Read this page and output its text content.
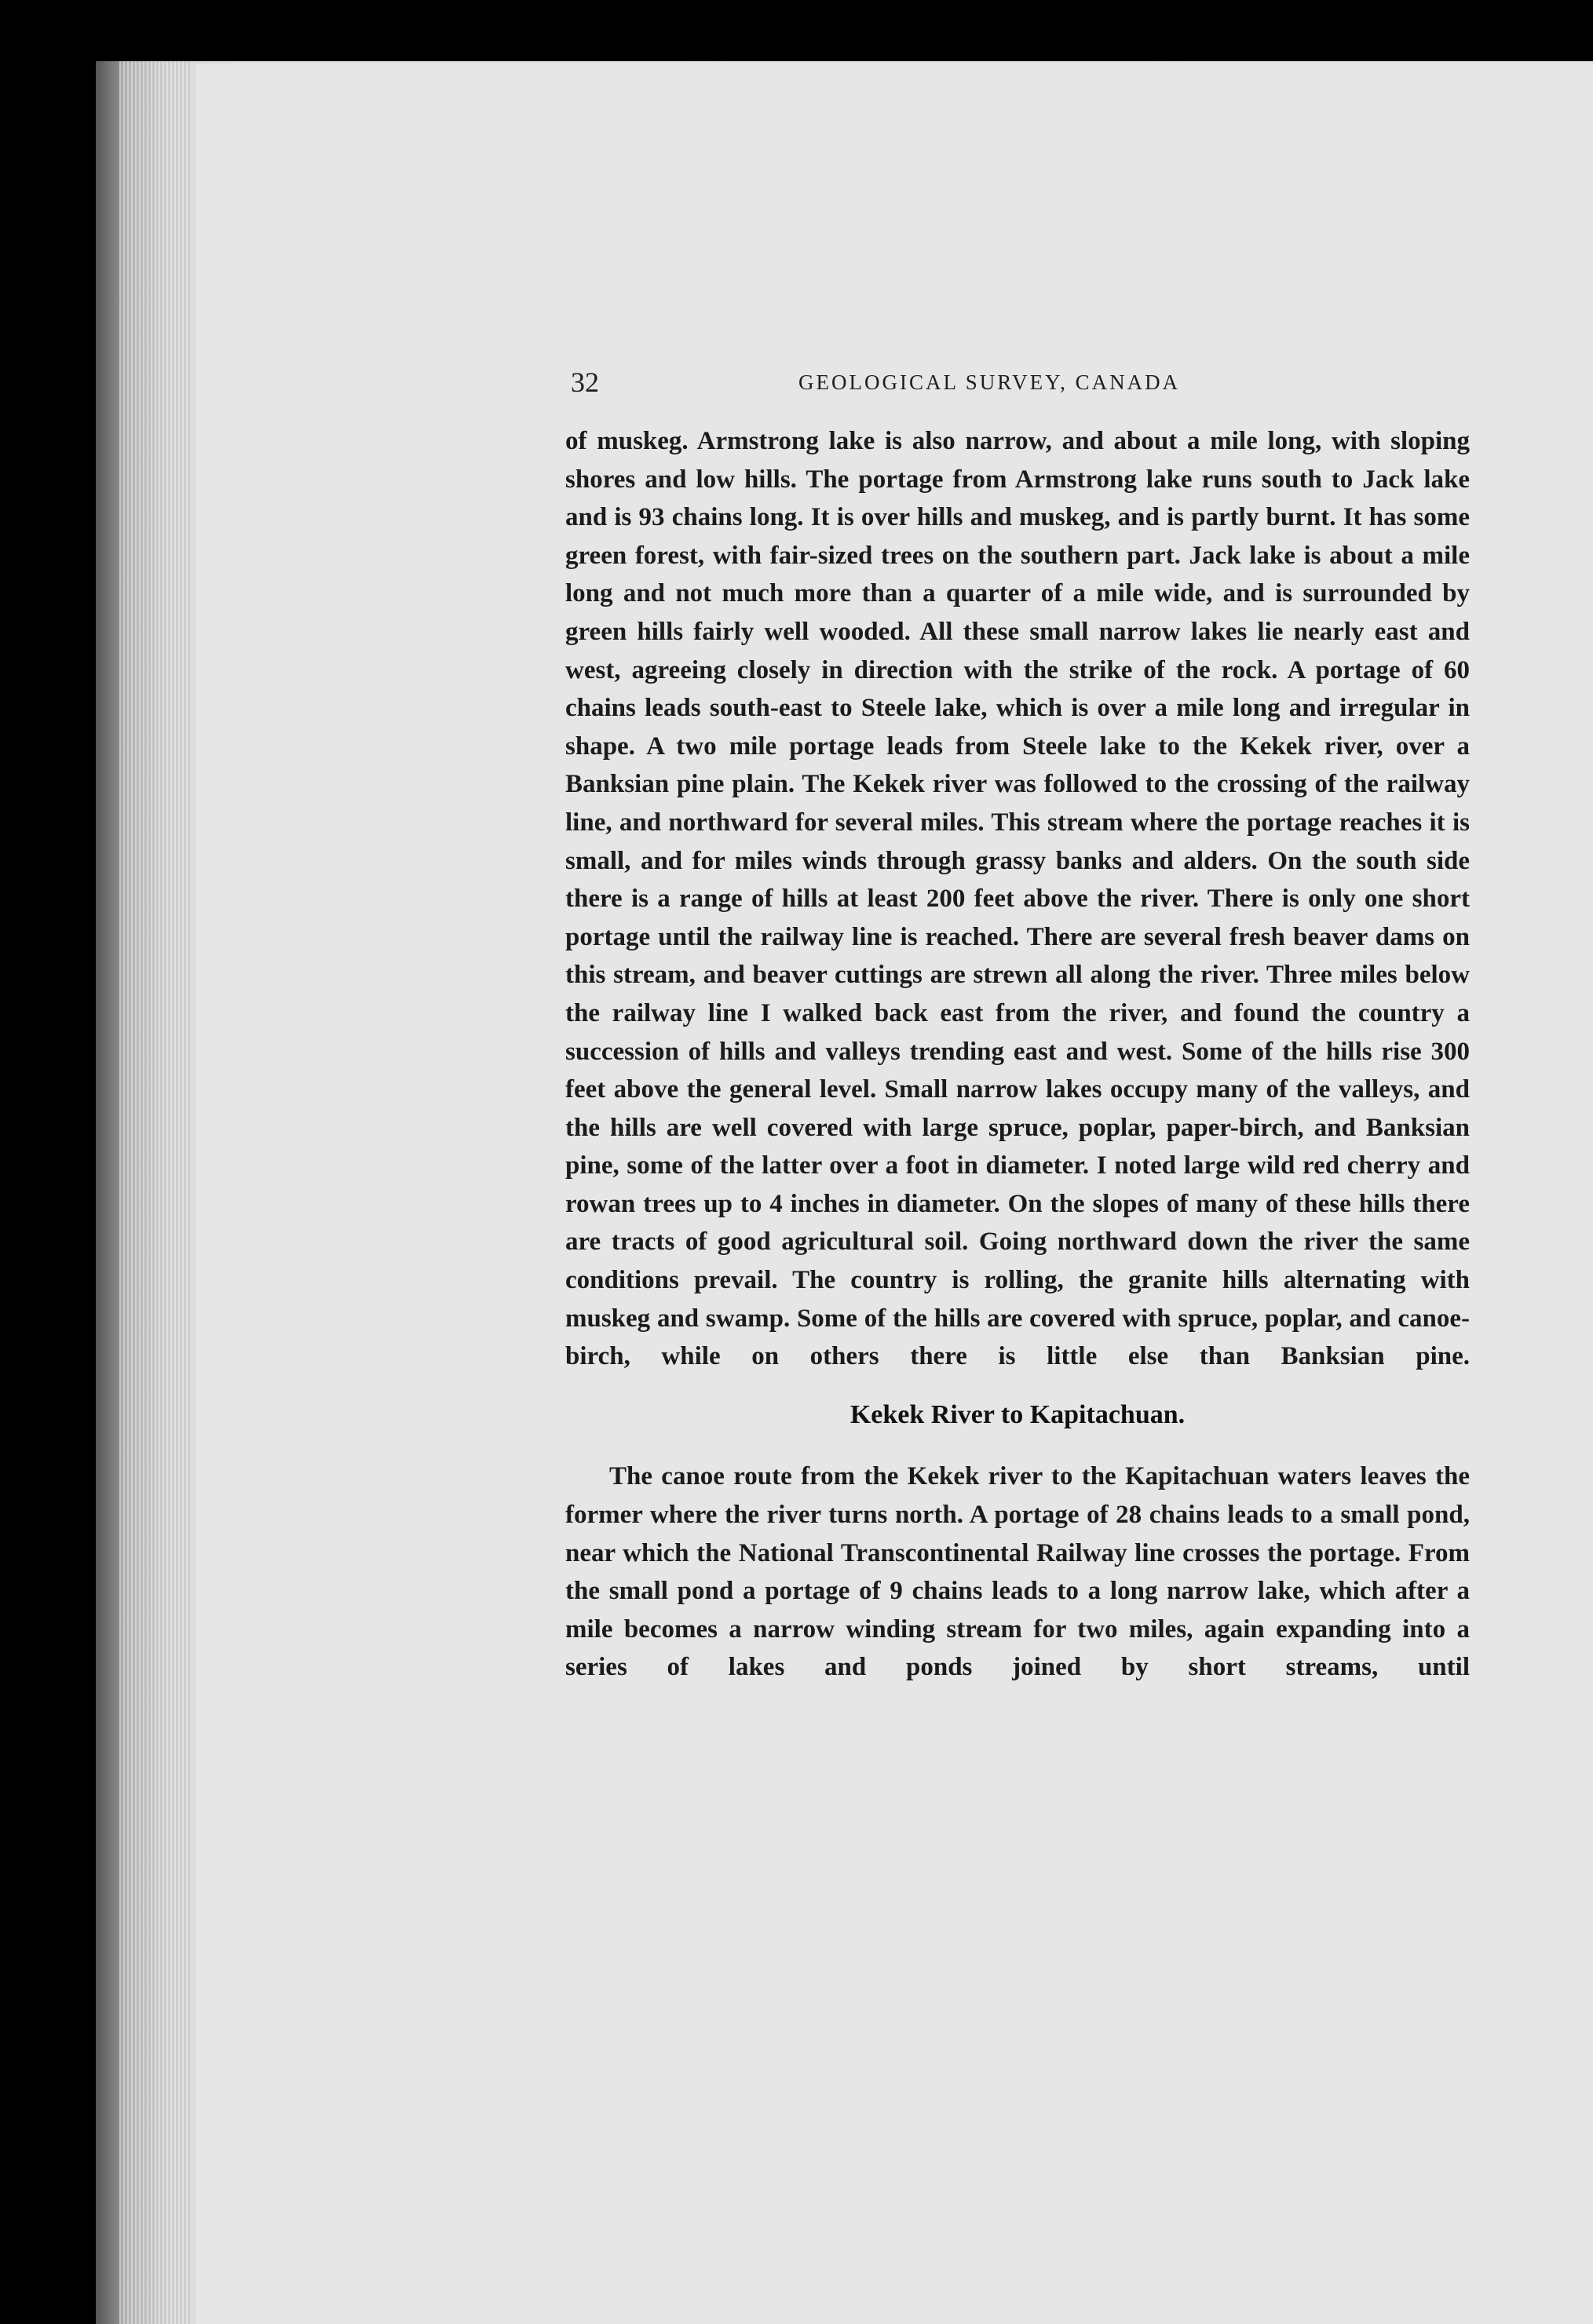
32	GEOLOGICAL SURVEY, CANADA

of muskeg. Armstrong lake is also narrow, and about a mile long, with sloping shores and low hills. The portage from Armstrong lake runs south to Jack lake and is 93 chains long. It is over hills and muskeg, and is partly burnt. It has some green forest, with fair-sized trees on the southern part. Jack lake is about a mile long and not much more than a quarter of a mile wide, and is surrounded by green hills fairly well wooded. All these small narrow lakes lie nearly east and west, agreeing closely in direction with the strike of the rock. A portage of 60 chains leads south-east to Steele lake, which is over a mile long and irregular in shape. A two mile portage leads from Steele lake to the Kekek river, over a Banksian pine plain. The Kekek river was followed to the crossing of the railway line, and northward for several miles. This stream where the portage reaches it is small, and for miles winds through grassy banks and alders. On the south side there is a range of hills at least 200 feet above the river. There is only one short portage until the railway line is reached. There are several fresh beaver dams on this stream, and beaver cuttings are strewn all along the river. Three miles below the railway line I walked back east from the river, and found the country a succession of hills and valleys trending east and west. Some of the hills rise 300 feet above the general level. Small narrow lakes occupy many of the valleys, and the hills are well covered with large spruce, poplar, paper-birch, and Banksian pine, some of the latter over a foot in diameter. I noted large wild red cherry and rowan trees up to 4 inches in diameter. On the slopes of many of these hills there are tracts of good agricultural soil. Going northward down the river the same conditions prevail. The country is rolling, the granite hills alternating with muskeg and swamp. Some of the hills are covered with spruce, poplar, and canoe-birch, while on others there is little else than Banksian pine.

Kekek River to Kapitachuan.

The canoe route from the Kekek river to the Kapitachuan waters leaves the former where the river turns north. A portage of 28 chains leads to a small pond, near which the National Transcontinental Railway line crosses the portage. From the small pond a portage of 9 chains leads to a long narrow lake, which after a mile becomes a narrow winding stream for two miles, again expanding into a series of lakes and ponds joined by short streams, until
